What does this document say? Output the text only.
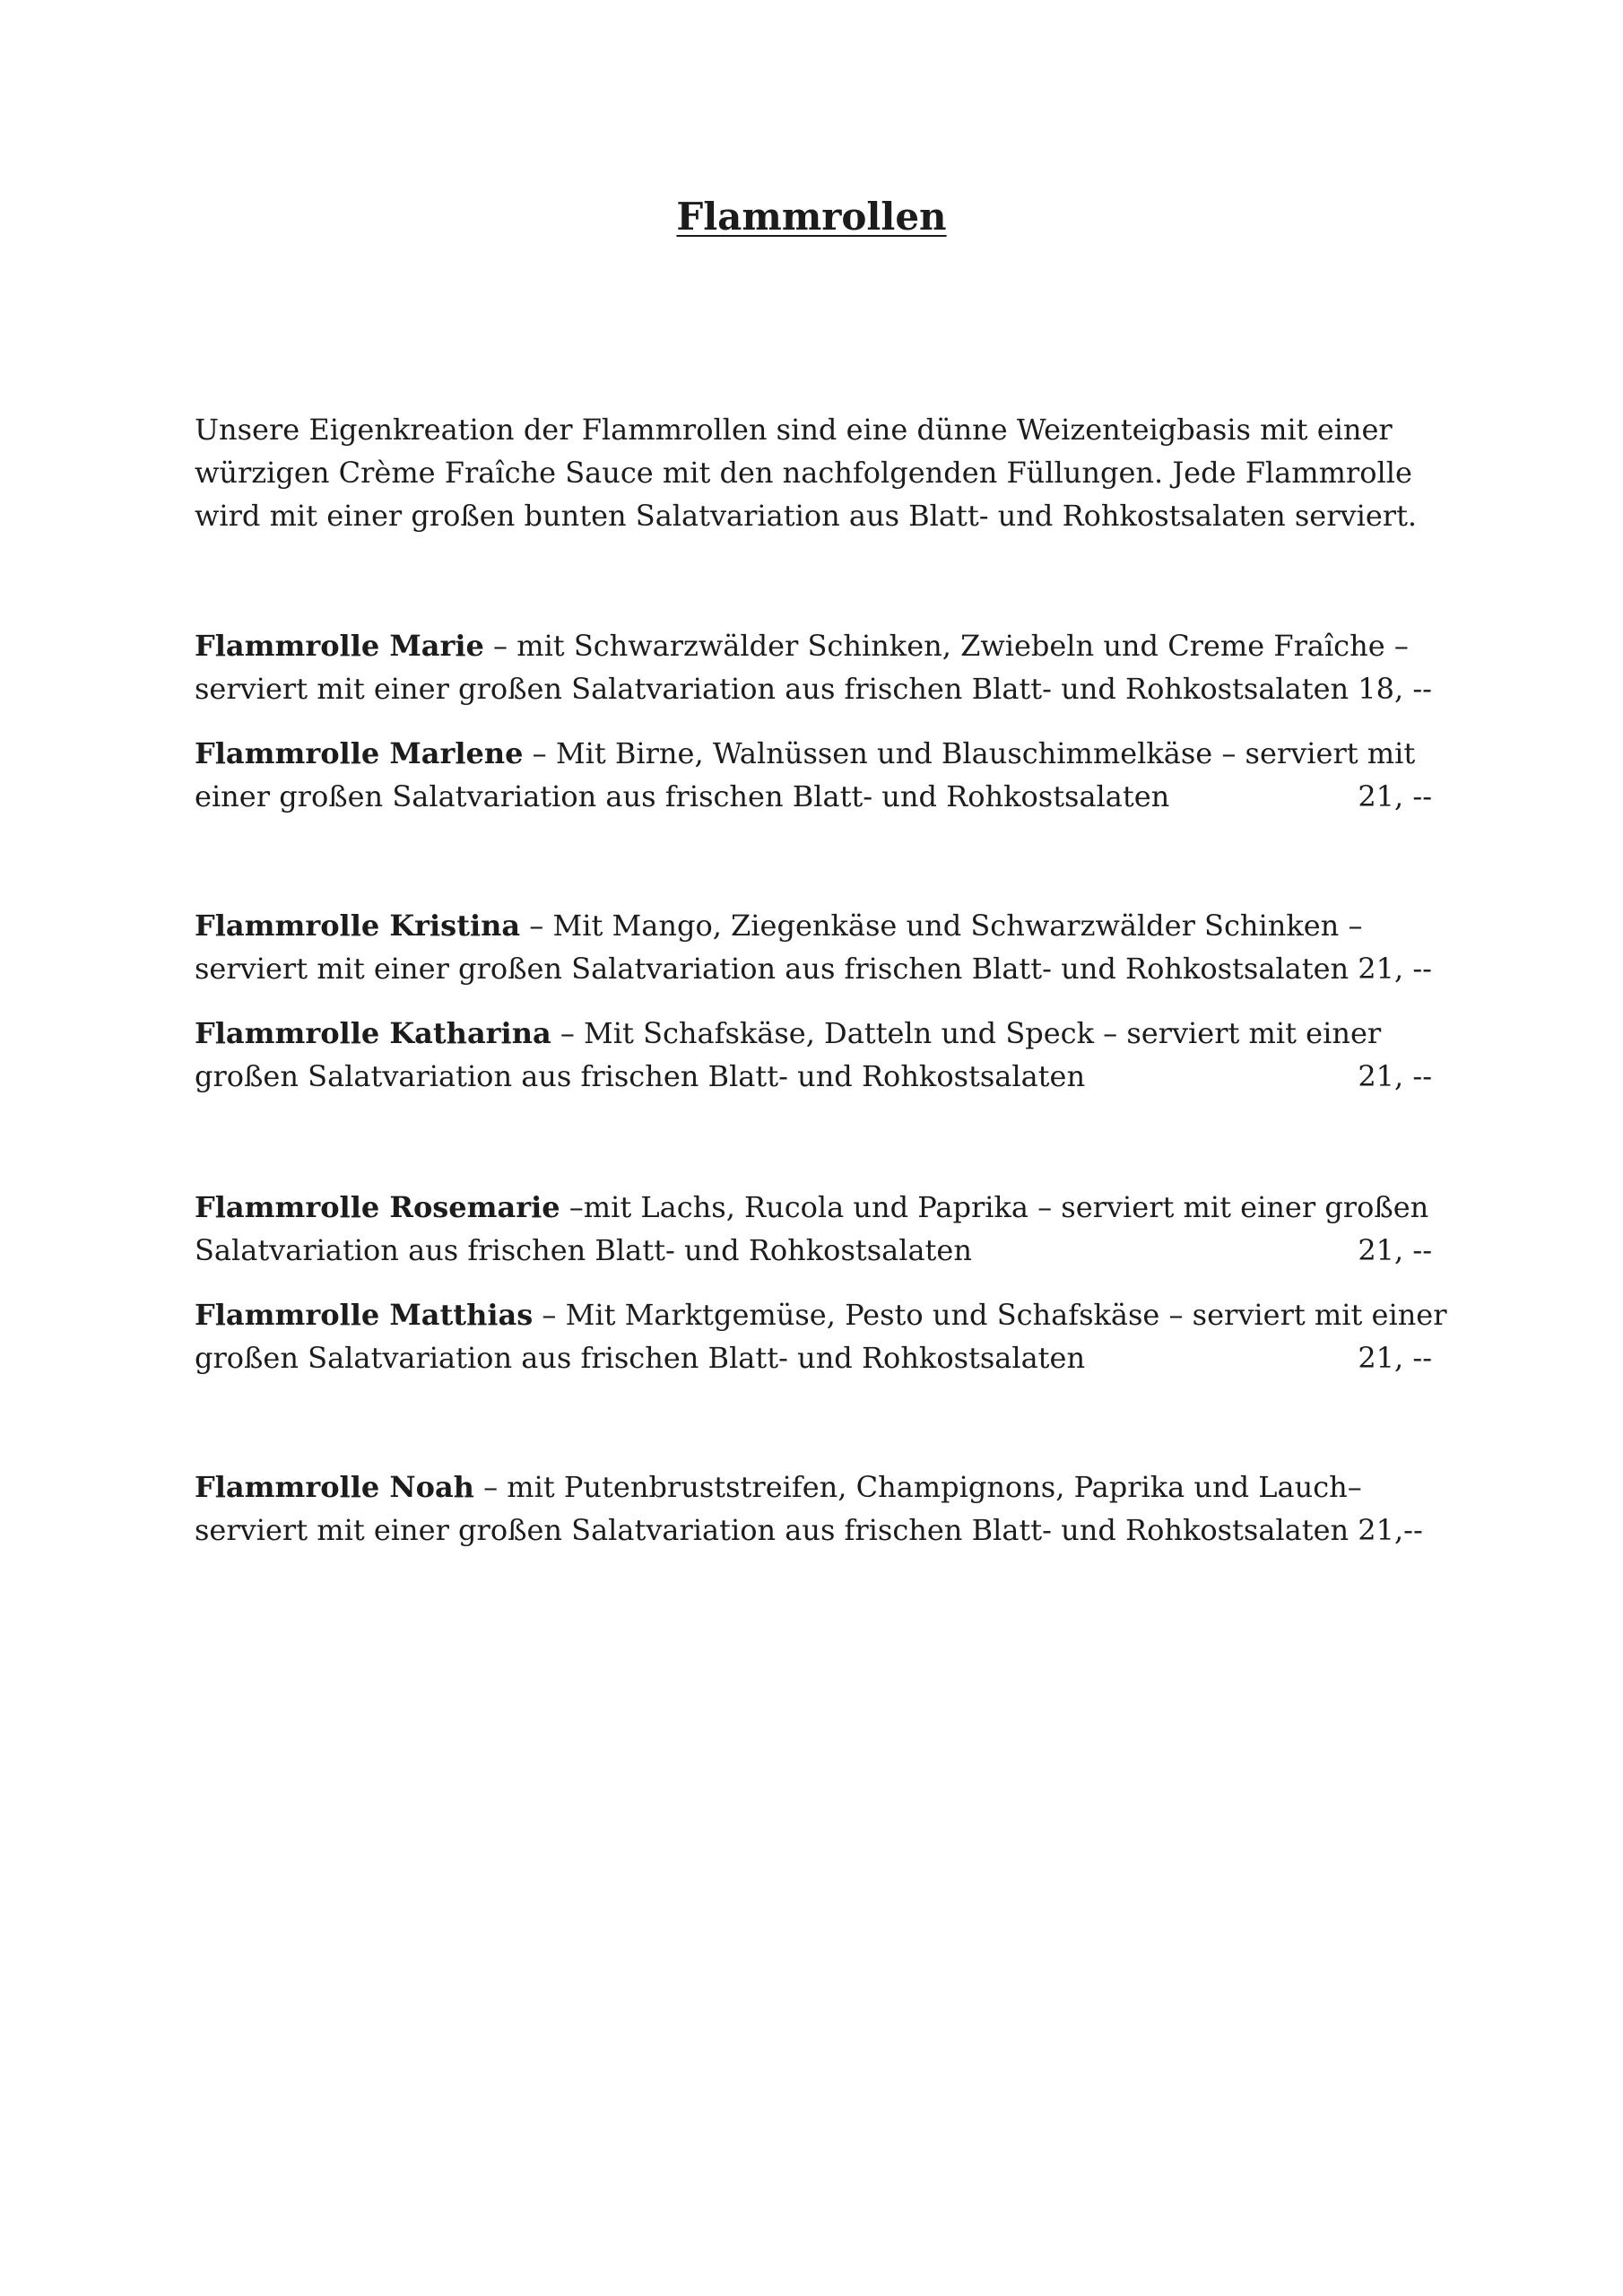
Flammrollen
Unsere Eigenkreation der Flammrollen sind eine dünne Weizenteigbasis mit einer
würzigen Crème Fraîche Sauce mit den nachfolgenden Füllungen. Jede Flammrolle
wird mit einer großen bunten Salatvariation aus Blatt- und Rohkostsalaten serviert.
Flammrolle Marie – mit Schwarzwälder Schinken, Zwiebeln und Creme Fraîche –
serviert mit einer großen Salatvariation aus frischen Blatt- und Rohkostsalaten 18, --
Flammrolle Marlene – Mit Birne, Walnüssen und Blauschimmelkäse – serviert mit
einer großen Salatvariation aus frischen Blatt- und Rohkostsalaten	21, --
Flammrolle Kristina – Mit Mango, Ziegenkäse und Schwarzwälder Schinken –
serviert mit einer großen Salatvariation aus frischen Blatt- und Rohkostsalaten 21, --
Flammrolle Katharina – Mit Schafskäse, Datteln und Speck – serviert mit einer
großen Salatvariation aus frischen Blatt- und Rohkostsalaten	21, --
Flammrolle Rosemarie –mit Lachs, Rucola und Paprika – serviert mit einer großen
Salatvariation aus frischen Blatt- und Rohkostsalaten	21, --
Flammrolle Matthias – Mit Marktgemüse, Pesto und Schafskäse – serviert mit einer
großen Salatvariation aus frischen Blatt- und Rohkostsalaten	21, --
Flammrolle Noah – mit Putenbruststreifen, Champignons, Paprika und Lauch–
serviert mit einer großen Salatvariation aus frischen Blatt- und Rohkostsalaten 21,--
